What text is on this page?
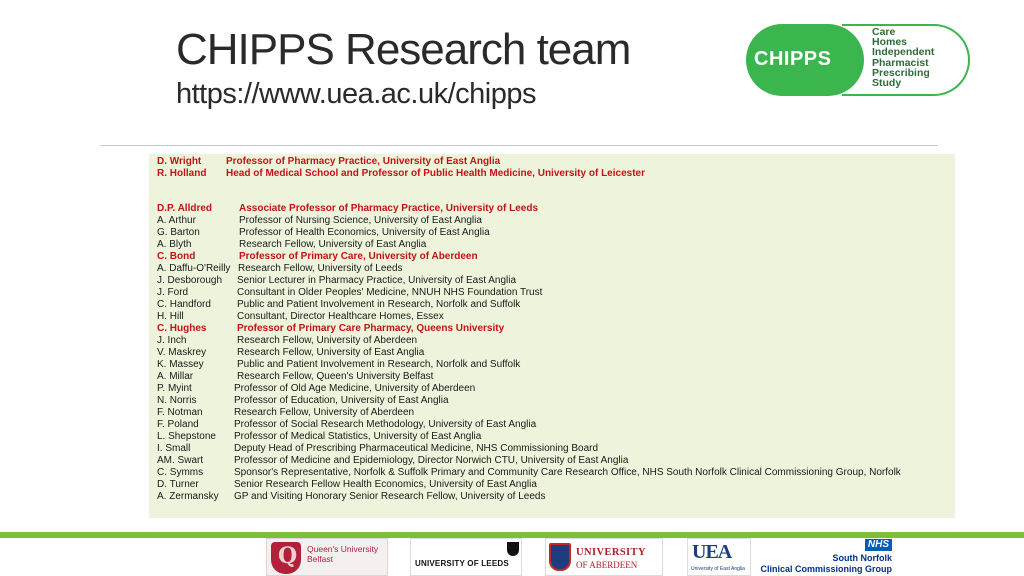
CHIPPS Research team
https://www.uea.ac.uk/chipps
CHIPPS
Care
Homes
Independent
Pharmacist
Prescribing
Study
D. Wright Professor of Pharmacy Practice, University of East Anglia
R. Holland Head of Medical School and Professor of Public Health Medicine, University of Leicester
D.P. Alldred	Associate Professor of Pharmacy Practice, University of Leeds
A. Arthur	Professor of Nursing Science, University of East Anglia
G. Barton	Professor of Health Economics, University of East Anglia
A. Blyth	Research Fellow, University of East Anglia
C. Bond	Professor of Primary Care, University of Aberdeen
A. Daffu-O'Reilly Research Fellow, University of Leeds
J. Desborough Senior Lecturer in Pharmacy Practice, University of East Anglia
J. Ford	Consultant in Older Peoples' Medicine, NNUH NHS Foundation Trust
C. Handford	Public and Patient Involvement in Research, Norfolk and Suffolk
H. Hill	Consultant, Director Healthcare Homes, Essex
C. Hughes	Professor of Primary Care Pharmacy, Queens University
J. Inch	Research Fellow, University of Aberdeen
V. Maskrey	Research Fellow, University of East Anglia
K. Massey	Public and Patient Involvement in Research, Norfolk and Suffolk
A. Millar	Research Fellow, Queen's University Belfast
P. Myint	Professor of Old Age Medicine, University of Aberdeen
N. Norris	Professor of Education, University of East Anglia
F. Notman	Research Fellow, University of Aberdeen
F. Poland	Professor of Social Research Methodology, University of East Anglia
L. Shepstone Professor of Medical Statistics, University of East Anglia
I. Small	Deputy Head of Prescribing Pharmaceutical Medicine, NHS Commissioning Board
AM. Swart	Professor of Medicine and Epidemiology, Director Norwich CTU, University of East Anglia
C. Symms	Sponsor's Representative, Norfolk & Suffolk Primary and Community Care Research Office, NHS South Norfolk Clinical Commissioning Group, Norfolk
D. Turner	Senior Research Fellow Health Economics, University of East Anglia
A. Zermansky GP and Visiting Honorary Senior Research Fellow, University of Leeds
Q Queen's University
Belfast	UNIVERSITY OF LEEDS
UNIVERSITY
OF ABERDEEN
UEA
University of East Anglia
NHS
South Norfolk
Clinical Commissioning Group
